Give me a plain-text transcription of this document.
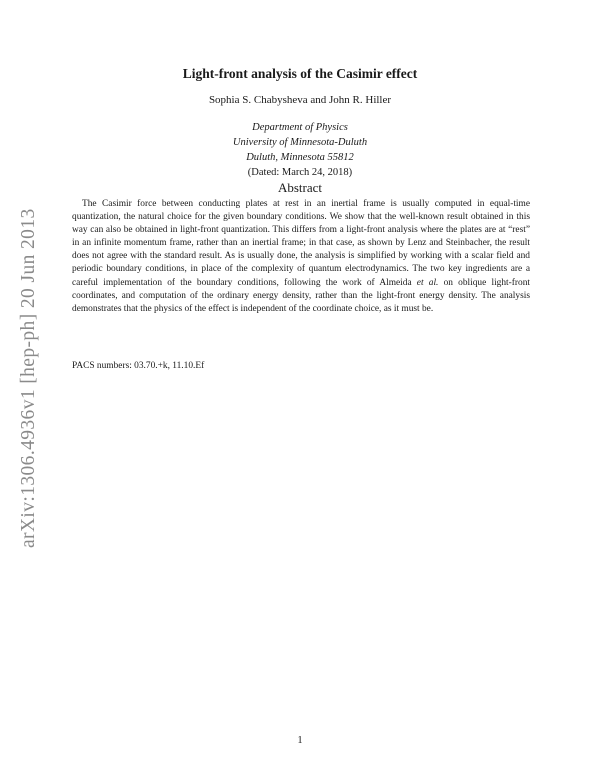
arXiv:1306.4936v1 [hep-ph] 20 Jun 2013
Light-front analysis of the Casimir effect
Sophia S. Chabysheva and John R. Hiller
Department of Physics
University of Minnesota-Duluth
Duluth, Minnesota 55812
(Dated: March 24, 2018)
Abstract

The Casimir force between conducting plates at rest in an inertial frame is usually computed in equal-time quantization, the natural choice for the given boundary conditions. We show that the well-known result obtained in this way can also be obtained in light-front quantization. This differs from a light-front analysis where the plates are at “rest” in an infinite momentum frame, rather than an inertial frame; in that case, as shown by Lenz and Steinbacher, the result does not agree with the standard result. As is usually done, the analysis is simplified by working with a scalar field and periodic boundary conditions, in place of the complexity of quantum electrodynamics. The two key ingredients are a careful implementation of the boundary conditions, following the work of Almeida et al. on oblique light-front coordinates, and computation of the ordinary energy density, rather than the light-front energy density. The analysis demonstrates that the physics of the effect is independent of the coordinate choice, as it must be.

PACS numbers: 03.70.+k, 11.10.Ef
1
